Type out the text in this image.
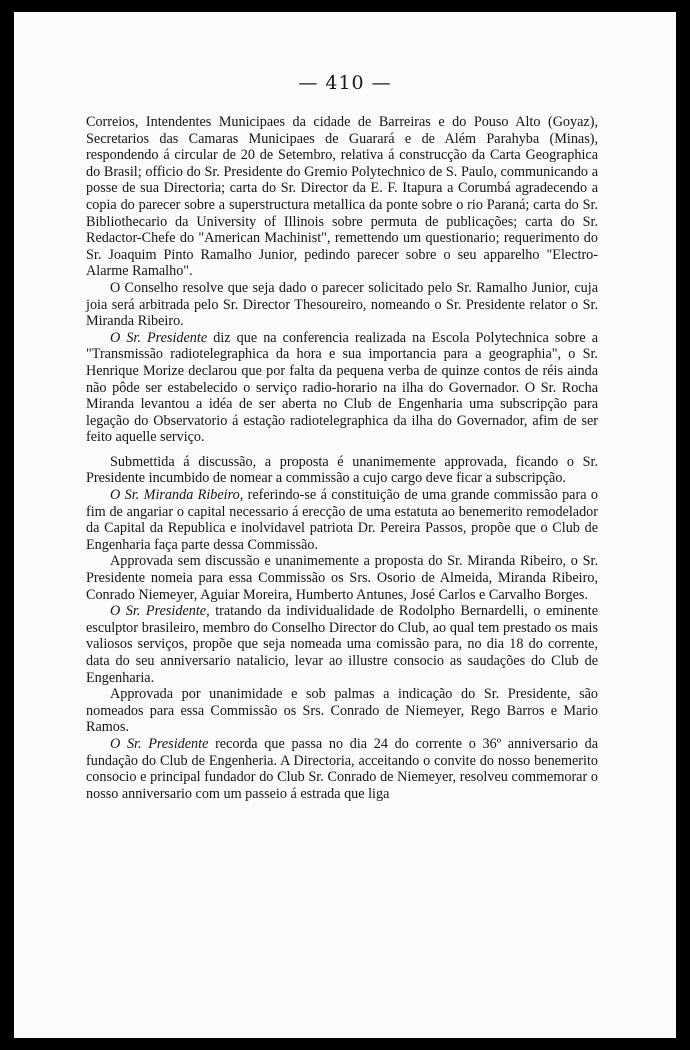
— 410 —

Correios, Intendentes Municipaes da cidade de Barreiras e do Pouso Alto (Goyaz), Secretarios das Camaras Municipaes de Guarará e de Além Parahyba (Minas), respondendo á circular de 20 de Setembro, relativa á construcção da Carta Geographica do Brasil; officio do Sr. Presidente do Gremio Polytechnico de S. Paulo, communicando a posse de sua Directoria; carta do Sr. Director da E. F. Itapura a Corumbá agradecendo a copia do parecer sobre a superstructura metallica da ponte sobre o rio Paraná; carta do Sr. Bibliothecario da University of Illinois sobre permuta de publicações; carta do Sr. Redactor-Chefe do "American Machinist", remettendo um questionario; requerimento do Sr. Joaquim Pinto Ramalho Junior, pedindo parecer sobre o seu apparelho "Electro-Alarme Ramalho".

O Conselho resolve que seja dado o parecer solicitado pelo Sr. Ramalho Junior, cuja joia será arbitrada pelo Sr. Director Thesoureiro, nomeando o Sr. Presidente relator o Sr. Miranda Ribeiro.

O Sr. Presidente diz que na conferencia realizada na Escola Polytechnica sobre a "Transmissão radiotelegraphica da hora e sua importancia para a geographia", o Sr. Henrique Morize declarou que por falta da pequena verba de quinze contos de réis ainda não pôde ser estabelecido o serviço radio-horario na ilha do Governador. O Sr. Rocha Miranda levantou a idéa de ser aberta no Club de Engenharia uma subscripção para legação do Observatorio á estação radiotelegraphica da ilha do Governador, afim de ser feito aquelle serviço.

Submettida á discussão, a proposta é unanimemente approvada, ficando o Sr. Presidente incumbido de nomear a commissão a cujo cargo deve ficar a subscripção.

O Sr. Miranda Ribeiro, referindo-se á constituição de uma grande commissão para o fim de angariar o capital necessario á erecção de uma estatuta ao benemerito remodelador da Capital da Republica e inolvidavel patriota Dr. Pereira Passos, propõe que o Club de Engenharia faça parte dessa Commissão.

Approvada sem discussão e unanimemente a proposta do Sr. Miranda Ribeiro, o Sr. Presidente nomeia para essa Commissão os Srs. Osorio de Almeida, Miranda Ribeiro, Conrado Niemeyer, Aguiar Moreira, Humberto Antunes, José Carlos e Carvalho Borges.

O Sr. Presidente, tratando da individualidade de Rodolpho Bernardelli, o eminente esculptor brasileiro, membro do Conselho Director do Club, ao qual tem prestado os mais valiosos serviços, propõe que seja nomeada uma comissão para, no dia 18 do corrente, data do seu anniversario natalicio, levar ao illustre consocio as saudações do Club de Engenharia.

Approvada por unanimidade e sob palmas a indicação do Sr. Presidente, são nomeados para essa Commissão os Srs. Conrado de Niemeyer, Rego Barros e Mario Ramos.

O Sr. Presidente recorda que passa no dia 24 do corrente o 36º anniversario da fundação do Club de Engenheria. A Directoria, acceitando o convite do nosso benemerito consocio e principal fundador do Club Sr. Conrado de Niemeyer, resolveu commemorar o nosso anniversario com um passeio á estrada que liga
